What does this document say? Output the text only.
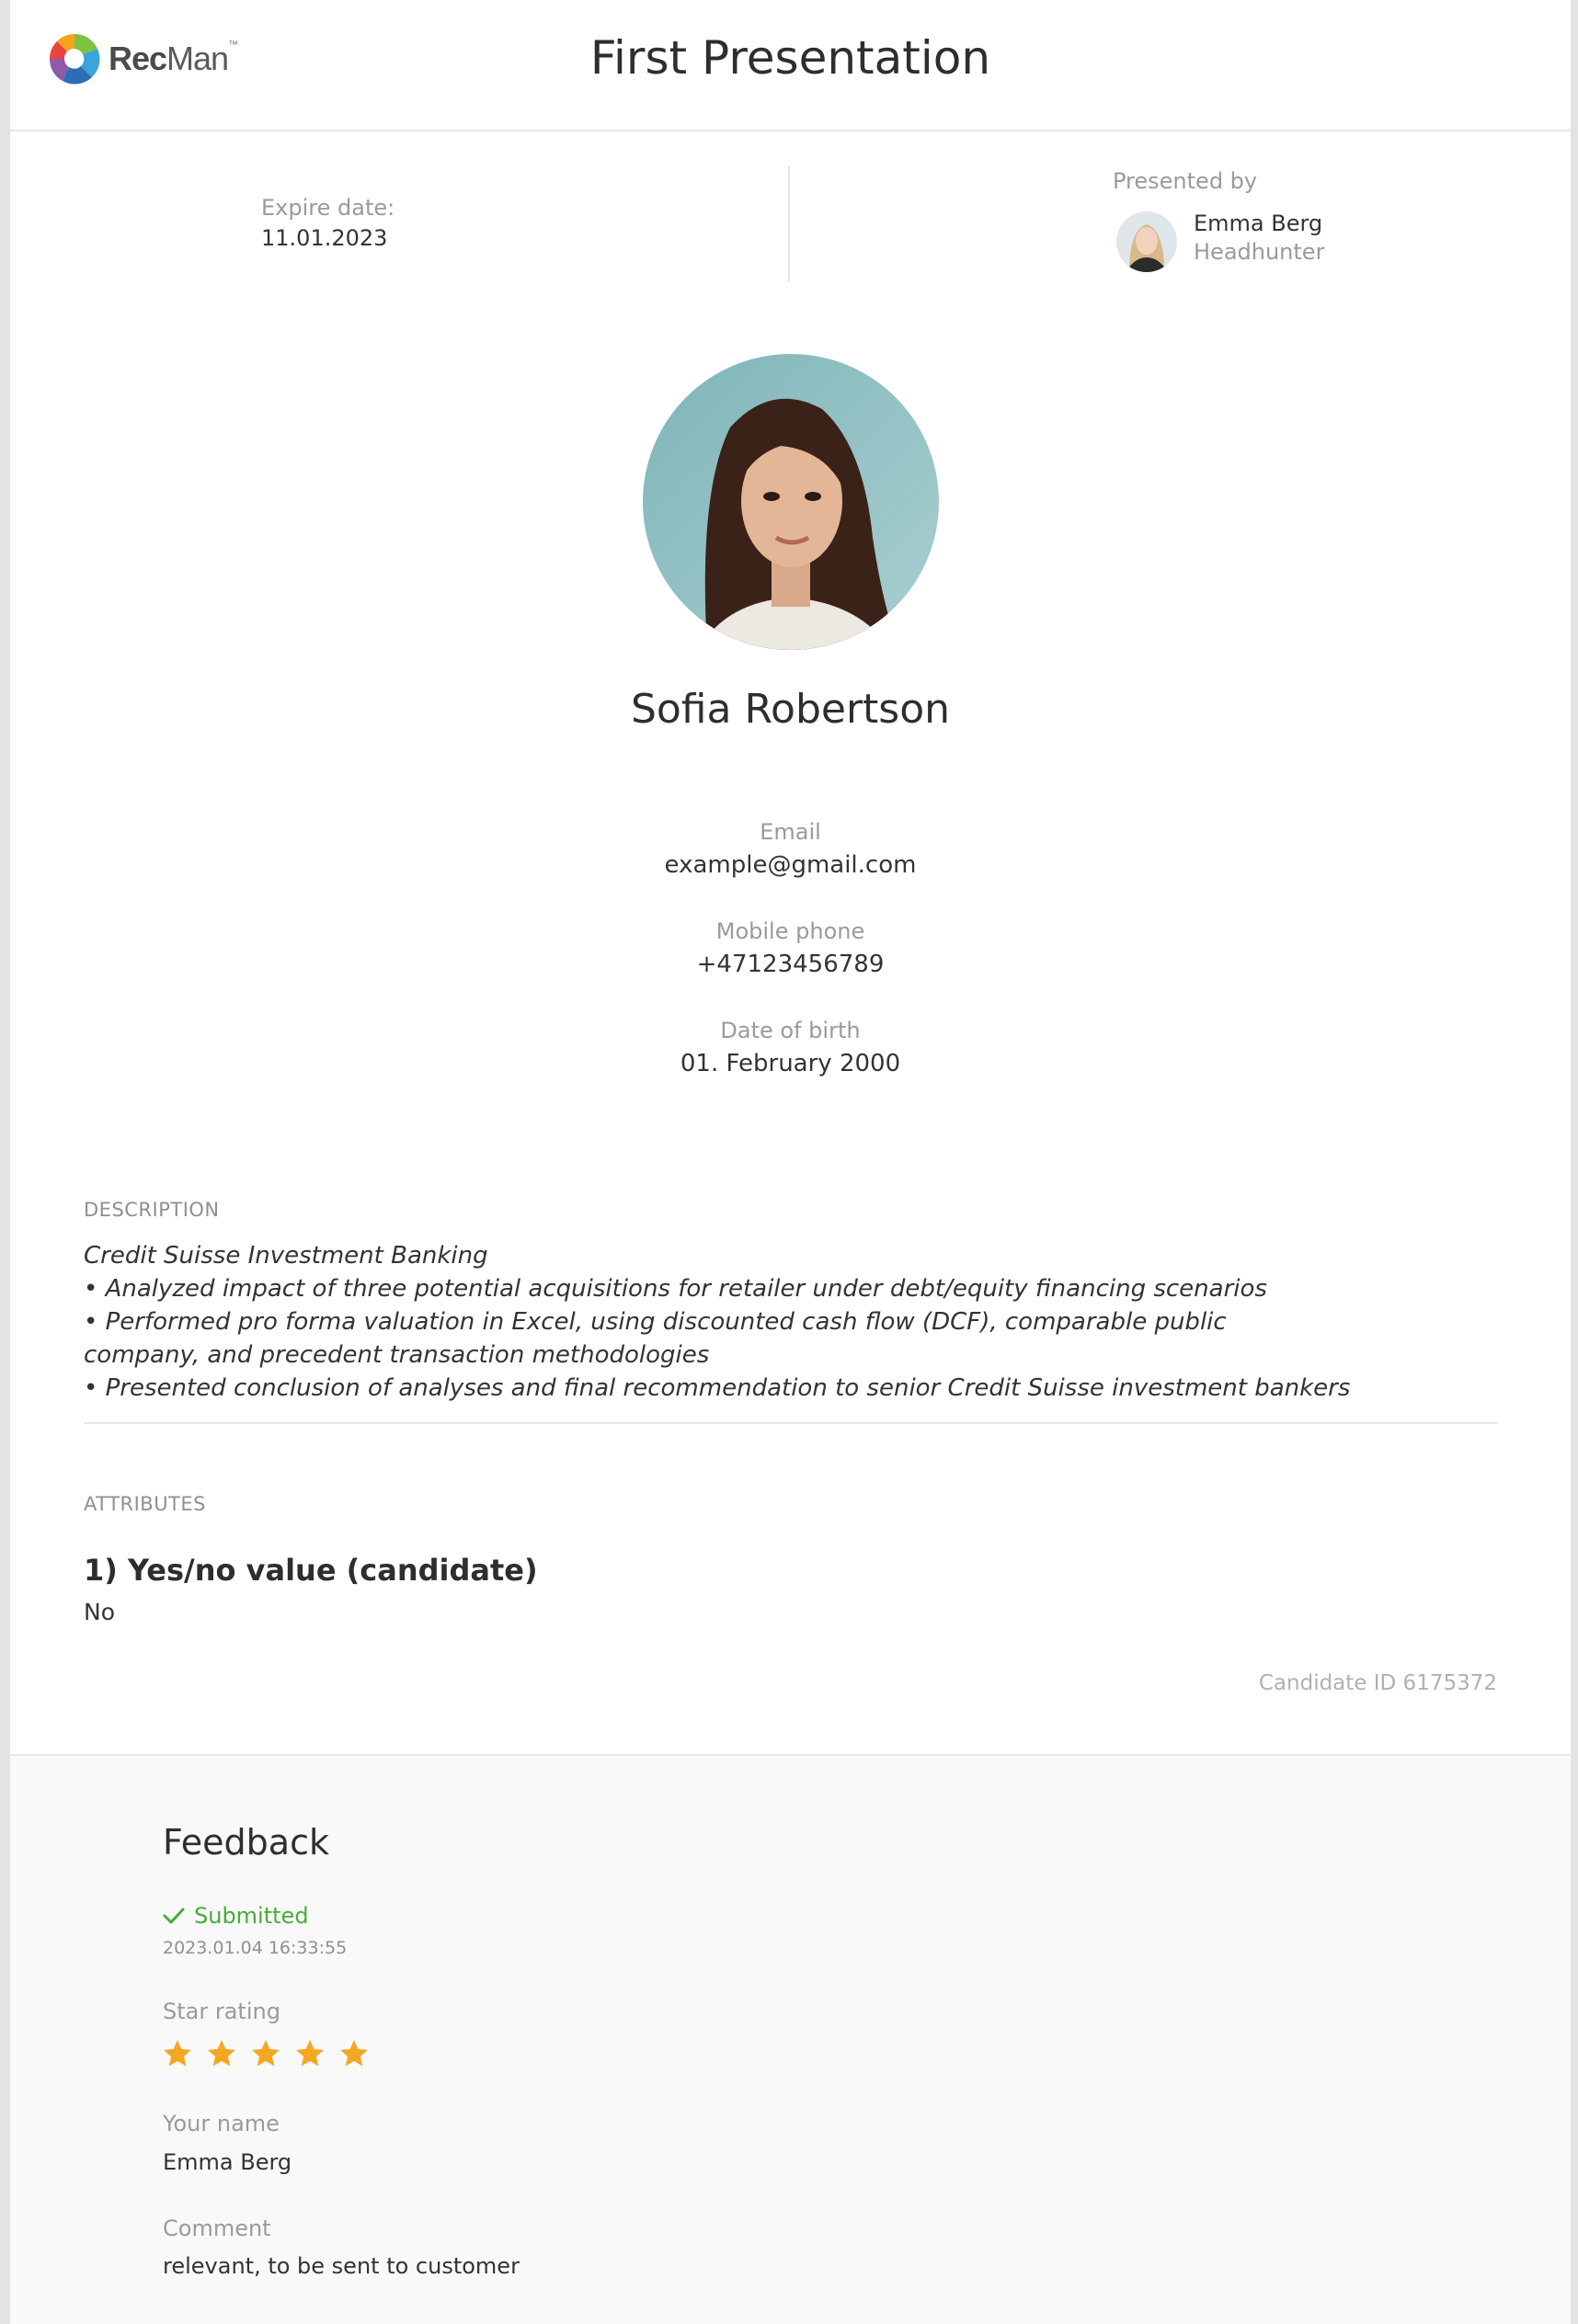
RecMan™	First Presentation
Expire date:
11.01.2023
Presented by
Emma Berg
Headhunter
Sofia Robertson
Email
example@gmail.com
Mobile phone
+47123456789
Date of birth
01. February 2000
DESCRIPTION
Credit Suisse Investment Banking
• Analyzed impact of three potential acquisitions for retailer under debt/equity financing scenarios
• Performed pro forma valuation in Excel, using discounted cash flow (DCF), comparable public
company, and precedent transaction methodologies
• Presented conclusion of analyses and final recommendation to senior Credit Suisse investment bankers
ATTRIBUTES
1) Yes/no value (candidate)
No
Candidate ID 6175372
Feedback
Submitted
2023.01.04 16:33:55
Star rating
Your name
Emma Berg
Comment
relevant, to be sent to customer
